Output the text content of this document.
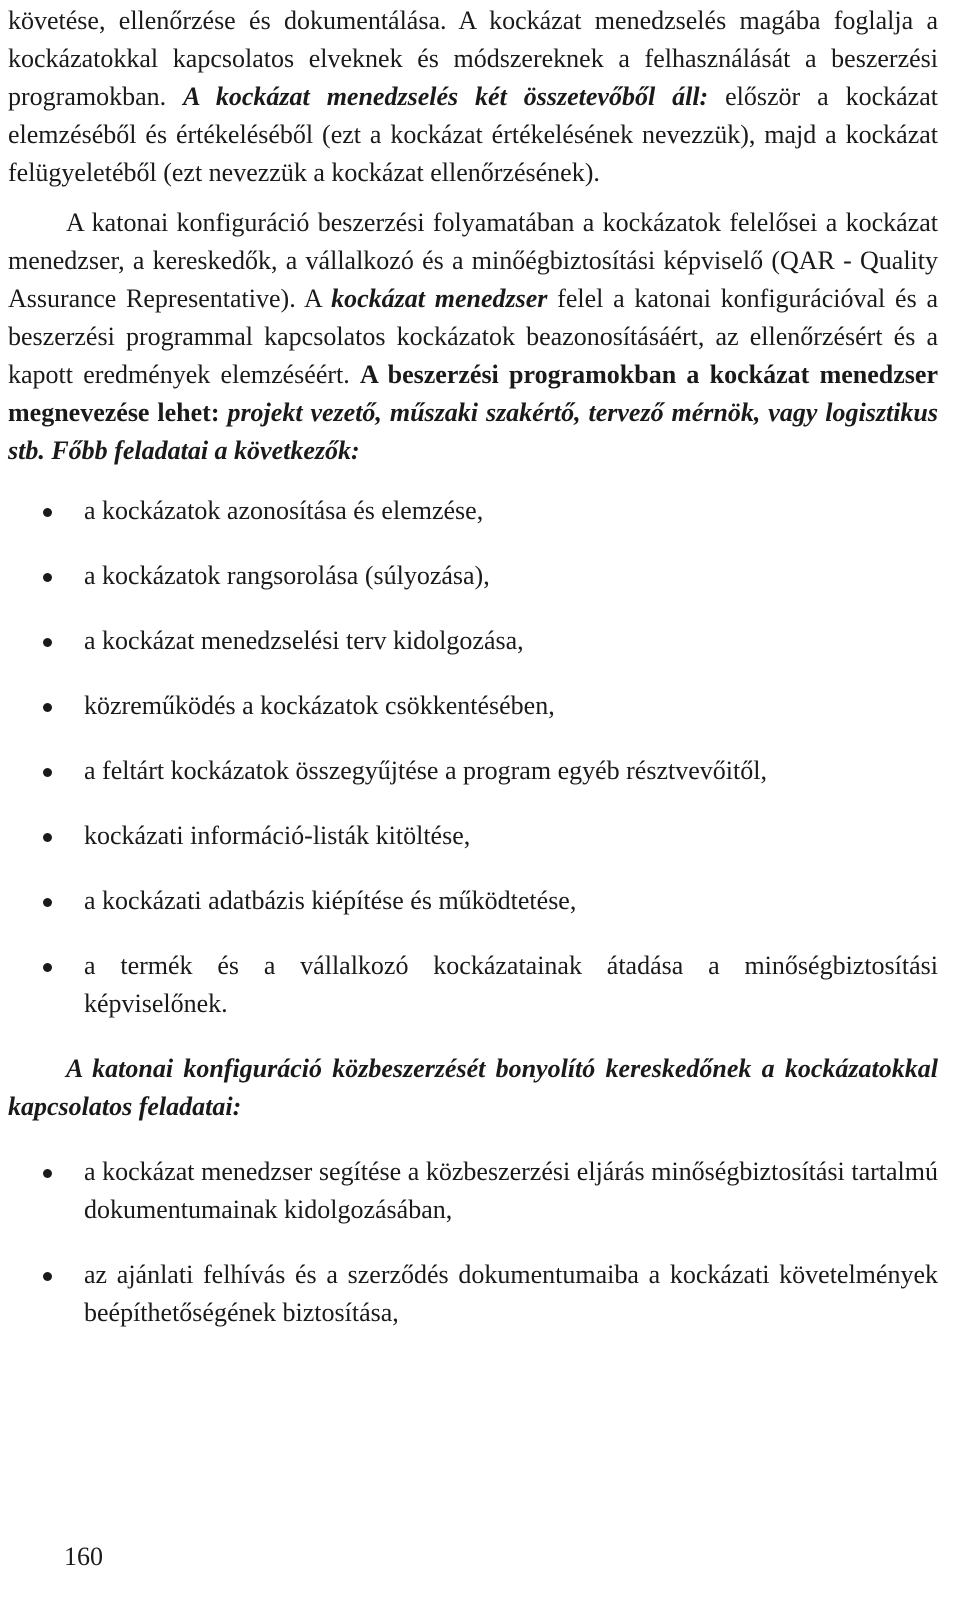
követése, ellenőrzése és dokumentálása. A kockázat menedzselés magába foglalja a kockázatokkal kapcsolatos elveknek és módszereknek a felhasználását a beszerzési programokban. A kockázat menedzselés két összetevőből áll: először a kockázat elemzéséből és értékeléséből (ezt a kockázat értékelésének nevezzük), majd a kockázat felügyeletéből (ezt nevezzük a kockázat ellenőrzésének).

A katonai konfiguráció beszerzési folyamatában a kockázatok felelősei a kockázat menedzser, a kereskedők, a vállalkozó és a minőégbiztosítási képviselő (QAR - Quality Assurance Representative). A kockázat menedzser felel a katonai konfigurációval és a beszerzési programmal kapcsolatos kockázatok beazonosításáért, az ellenőrzésért és a kapott eredmények elemzéséért. A beszerzési programokban a kockázat menedzser megnevezése lehet: projekt vezető, műszaki szakértő, tervező mérnök, vagy logisztikus stb. Főbb feladatai a következők:

a kockázatok azonosítása és elemzése,
a kockázatok rangsorolása (súlyozása),
a kockázat menedzselési terv kidolgozása,
közreműködés a kockázatok csökkentésében,
a feltárt kockázatok összegyűjtése a program egyéb résztvevőitől,
kockázati információ-listák kitöltése,
a kockázati adatbázis kiépítése és működtetése,
a termék és a vállalkozó kockázatainak átadása a minőségbiztosítási képviselőnek.

A katonai konfiguráció közbeszerzését bonyolító kereskedőnek a kockázatokkal kapcsolatos feladatai:

a kockázat menedzser segítése a közbeszerzési eljárás minőségbiztosítási tartalmú dokumentumainak kidolgozásában,
az ajánlati felhívás és a szerződés dokumentumaiba a kockázati követelmények beépíthetőségének biztosítása,
160
